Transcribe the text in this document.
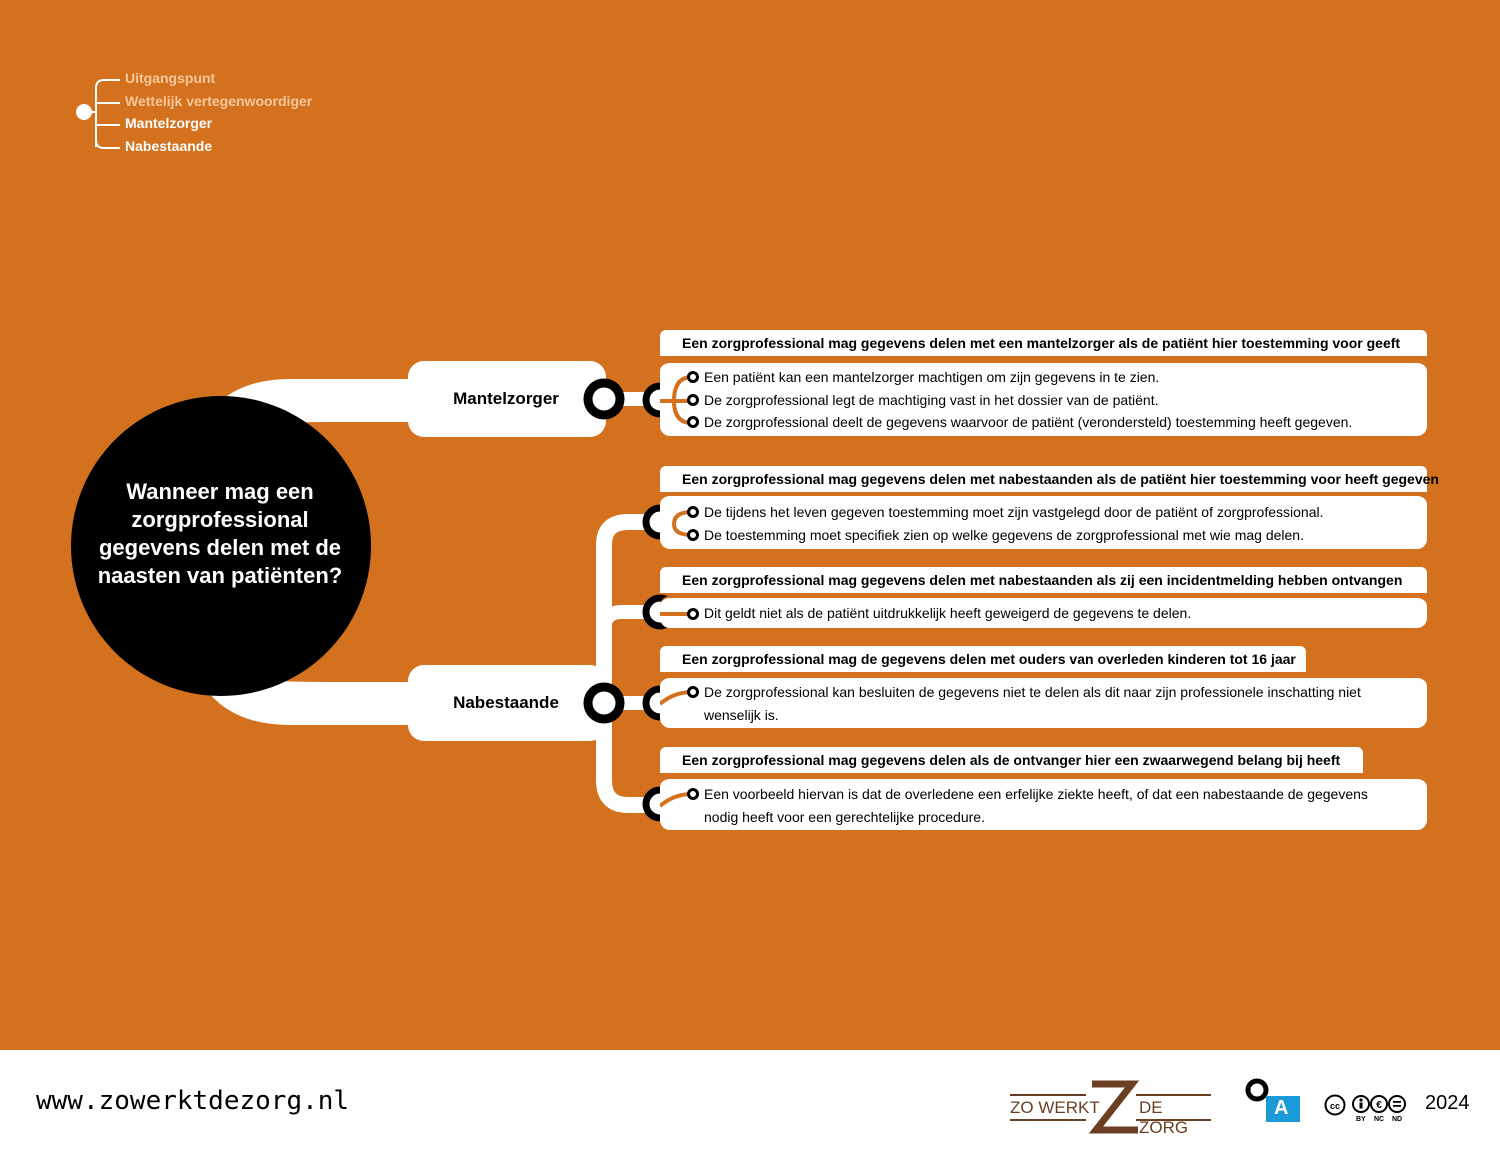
Uitgangspunt
Wettelijk vertegenwoordiger
Mantelzorger
Nabestaande
Wanneer mag een zorgprofessional gegevens delen met de naasten van patiënten?
Mantelzorger
Nabestaande
Een zorgprofessional mag gegevens delen met een mantelzorger als de patiënt hier toestemming voor geeft
Een patiënt kan een mantelzorger machtigen om zijn gegevens in te zien.
De zorgprofessional legt de machtiging vast in het dossier van de patiënt.
De zorgprofessional deelt de gegevens waarvoor de patiënt (verondersteld) toestemming heeft gegeven.
Een zorgprofessional mag gegevens delen met nabestaanden als de patiënt hier toestemming voor heeft gegeven
De tijdens het leven gegeven toestemming moet zijn vastgelegd door de patiënt of zorgprofessional.
De toestemming moet specifiek zien op welke gegevens de zorgprofessional met wie mag delen.
Een zorgprofessional mag gegevens delen met nabestaanden als zij een incidentmelding hebben ontvangen
Dit geldt niet als de patiënt uitdrukkelijk heeft geweigerd de gegevens te delen.
Een zorgprofessional mag de gegevens delen met ouders van overleden kinderen tot 16 jaar
De zorgprofessional kan besluiten de gegevens niet te delen als dit naar zijn professionele inschatting niet
wenselijk is.
Een zorgprofessional mag gegevens delen als de ontvanger hier een zwaarwegend belang bij heeft
Een voorbeeld hiervan is dat de overledene een erfelijke ziekte heeft, of dat een nabestaande de gegevens
nodig heeft voor een gerechtelijke procedure.
www.zowerktdezorg.nl	ZO WERKT DE ZORG
A	cc	€
BY NC ND
2024
